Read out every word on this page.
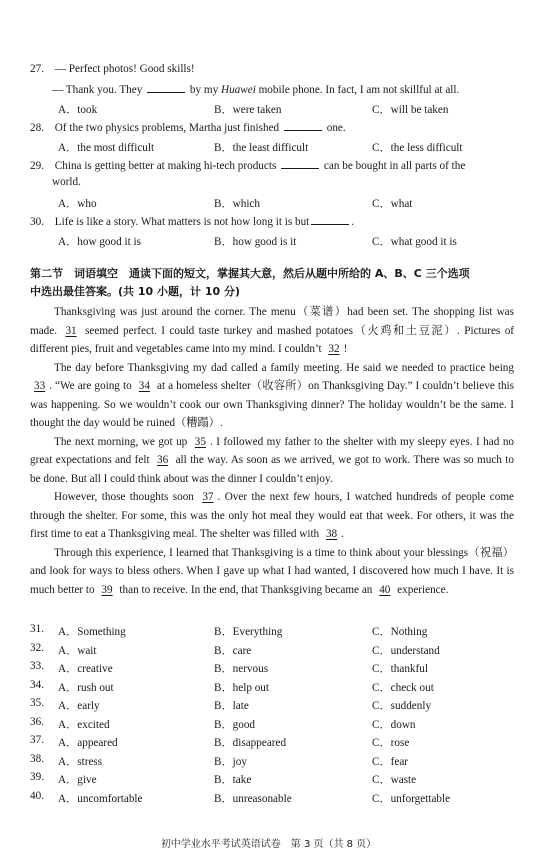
27. — Perfect photos! Good skills!
— Thank you. They	by my Huawei mobile phone. In fact, I am not skillful at all.
A．took	B．were taken	C．will be taken
28. Of the two physics problems, Martha just finished	one.
A．the most difficult	B．the least difficult	C．the less difficult
29. China is getting better at making hi-tech products	can be bought in all parts of the
world.
A．who	B．which	C．what
30. Life is like a story. What matters is not how long it is but	.
A．how good it is	B．how good is it	C．what good it is
第二节　词语填空　通读下面的短文，掌握其大意，然后从题中所给的 A、B、C 三个选项
中选出最佳答案。(共 10 小题，计 10 分)

Thanksgiving was just around the corner. The menu（菜谱）had been set. The shopping list was made. 31 seemed perfect. I could taste turkey and mashed potatoes（火鸡和土豆泥）. Pictures of different pies, fruit and vegetables came into my mind. I couldn’t 32 !

The day before Thanksgiving my dad called a family meeting. He said we needed to practice being 33 . “We are going to 34 at a homeless shelter（收容所）on Thanksgiving Day.” I couldn’t believe this was happening. So we wouldn’t cook our own Thanksgiving dinner? The holiday wouldn’t be the same. I thought the day would be ruined（糟蹋）.

The next morning, we got up 35 . I followed my father to the shelter with my sleepy eyes. I had no great expectations and felt 36 all the way. As soon as we arrived, we got to work. There was so much to be done. But all I could think about was the dinner I couldn’t enjoy.

However, those thoughts soon 37 . Over the next few hours, I watched hundreds of people come through the shelter. For some, this was the only hot meal they would eat that week. For others, it was the first time to eat a Thanksgiving meal. The shelter was filled with 38 .

Through this experience, I learned that Thanksgiving is a time to think about your blessings（祝福）and look for ways to bless others. When I gave up what I had wanted, I discovered how much I have. It is much better to 39 than to receive. In the end, that Thanksgiving became an 40 experience.

31. A．Something	B．Everything	C．Nothing
32. A．wait	B．care	C．understand
33. A．creative	B．nervous	C．thankful
34. A．rush out	B．help out	C．check out
35. A．early	B．late	C．suddenly
36. A．excited	B．good	C．down
37. A．appeared	B．disappeared	C．rose
38. A．stress	B．joy	C．fear
39. A．give	B．take	C．waste
40. A．uncomfortable	B．unreasonable	C．unforgettable
初中学业水平考试英语试卷　第 3 页（共 8 页）
